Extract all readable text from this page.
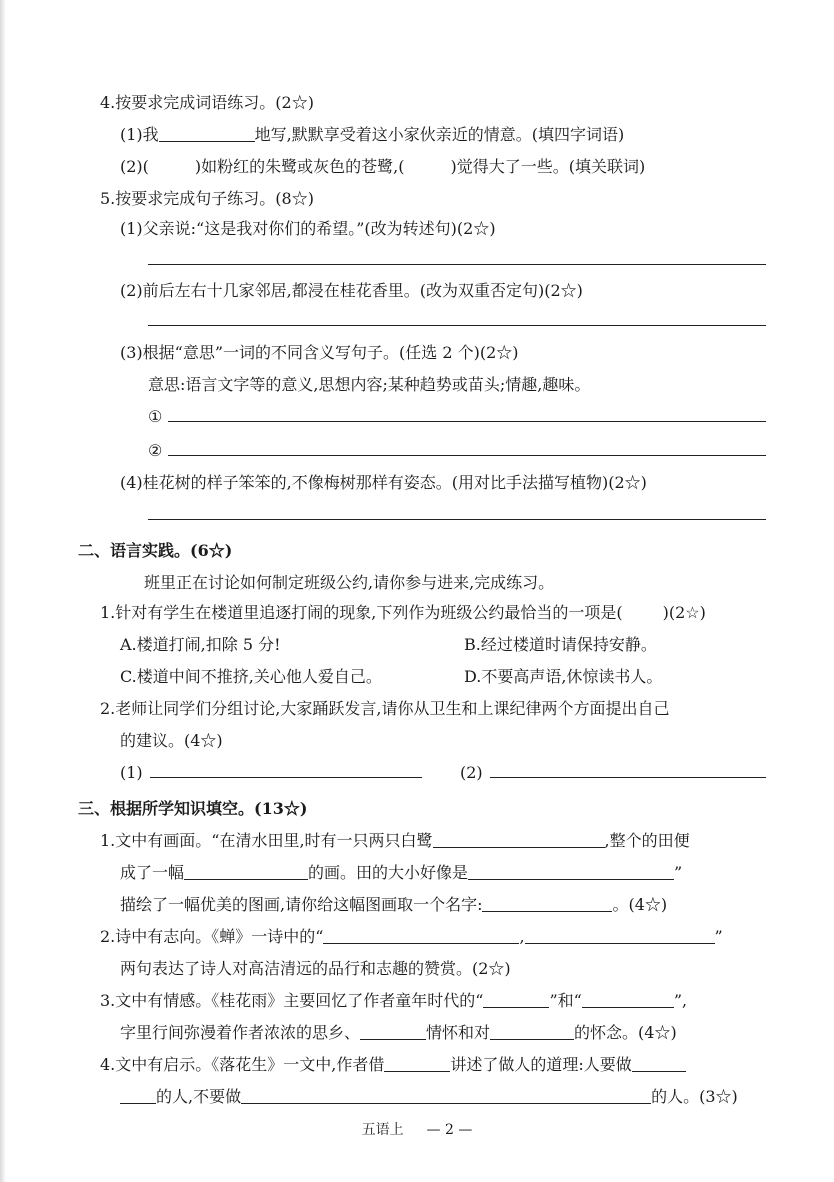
4.按要求完成词语练习。(2☆)
(1)我	地写,默默享受着这小家伙亲近的情意。(填四字词语)
(2)(	)如粉红的朱鹭或灰色的苍鹭,(	)觉得大了一些。(填关联词)
5.按要求完成句子练习。(8☆)
(1)父亲说:“这是我对你们的希望。”(改为转述句)(2☆)
(2)前后左右十几家邻居,都浸在桂花香里。(改为双重否定句)(2☆)
(3)根据“意思”一词的不同含义写句子。(任选 2 个)(2☆)
意思:语言文字等的意义,思想内容;某种趋势或苗头;情趣,趣味。
①
②
(4)桂花树的样子笨笨的,不像梅树那样有姿态。(用对比手法描写植物)(2☆)
二、语言实践。(6☆)
班里正在讨论如何制定班级公约,请你参与进来,完成练习。
1.针对有学生在楼道里追逐打闹的现象,下列作为班级公约最恰当的一项是(	)(2☆)
A.楼道打闹,扣除 5 分!	B.经过楼道时请保持安静。
C.楼道中间不推挤,关心他人爱自己。	D.不要高声语,休惊读书人。
2.老师让同学们分组讨论,大家踊跃发言,请你从卫生和上课纪律两个方面提出自己
的建议。(4☆)
(1)	(2)
三、根据所学知识填空。(13☆)
1.文中有画面。“在清水田里,时有一只两只白鹭	,整个的田便
成了一幅	的画。田的大小好像是	”
描绘了一幅优美的图画,请你给这幅图画取一个名字:	。(4☆)
2.诗中有志向。《蝉》一诗中的“	,	”
两句表达了诗人对高洁清远的品行和志趣的赞赏。(2☆)
3.文中有情感。《桂花雨》主要回忆了作者童年时代的“	”和“	”,
字里行间弥漫着作者浓浓的思乡、	情怀和对	的怀念。(4☆)
4.文中有启示。《落花生》一文中,作者借	讲述了做人的道理:人要做
的人,不要做	的人。(3☆)
五语上 — 2 —
